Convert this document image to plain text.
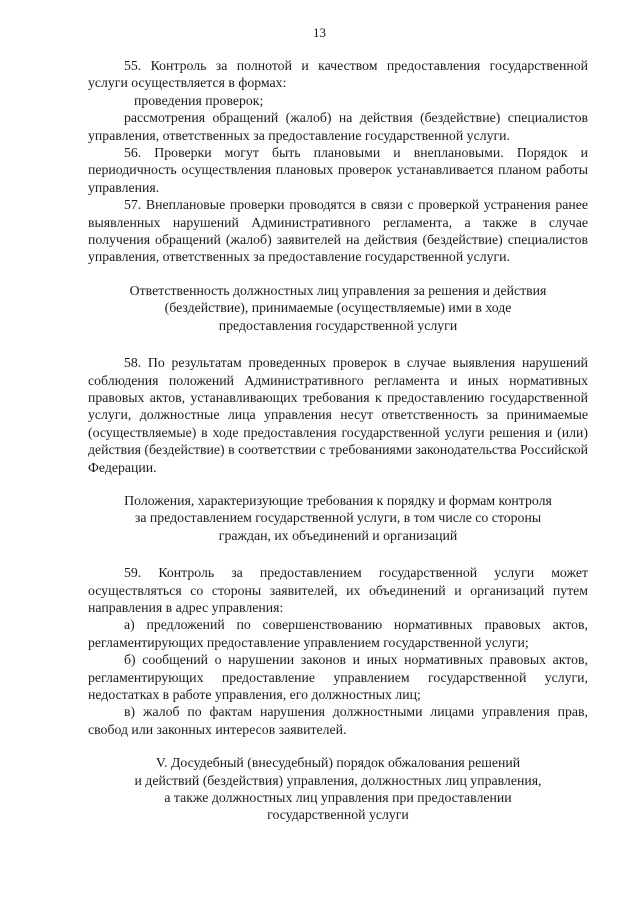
13

55. Контроль за полнотой и качеством предоставления государственной услуги осуществляется в формах:

проведения проверок;

рассмотрения обращений (жалоб) на действия (бездействие) специалистов управления, ответственных за предоставление государственной услуги.

56. Проверки могут быть плановыми и внеплановыми. Порядок и периодичность осуществления плановых проверок устанавливается планом работы управления.

57. Внеплановые проверки проводятся в связи с проверкой устранения ранее выявленных нарушений Административного регламента, а также в случае получения обращений (жалоб) заявителей на действия (бездействие) специалистов управления, ответственных за предоставление государственной услуги.

Ответственность должностных лиц управления за решения и действия

(бездействие), принимаемые (осуществляемые) ими в ходе

предоставления государственной услуги

58. По результатам проведенных проверок в случае выявления нарушений соблюдения положений Административного регламента и иных нормативных правовых актов, устанавливающих требования к предоставлению государственной услуги, должностные лица управления несут ответственность за принимаемые (осуществляемые) в ходе предоставления государственной услуги решения и (или) действия (бездействие) в соответствии с требованиями законодательства Российской Федерации.

Положения, характеризующие требования к порядку и формам контроля

за предоставлением государственной услуги, в том числе со стороны

граждан, их объединений и организаций

59. Контроль за предоставлением государственной услуги может осуществляться со стороны заявителей, их объединений и организаций путем направления в адрес управления:

а) предложений по совершенствованию нормативных правовых актов, регламентирующих предоставление управлением государственной услуги;

б) сообщений о нарушении законов и иных нормативных правовых актов, регламентирующих предоставление управлением государственной услуги, недостатках в работе управления, его должностных лиц;

в) жалоб по фактам нарушения должностными лицами управления прав, свобод или законных интересов заявителей.

V. Досудебный (внесудебный) порядок обжалования решений

и действий (бездействия) управления, должностных лиц управления,

а также должностных лиц управления при предоставлении

государственной услуги
